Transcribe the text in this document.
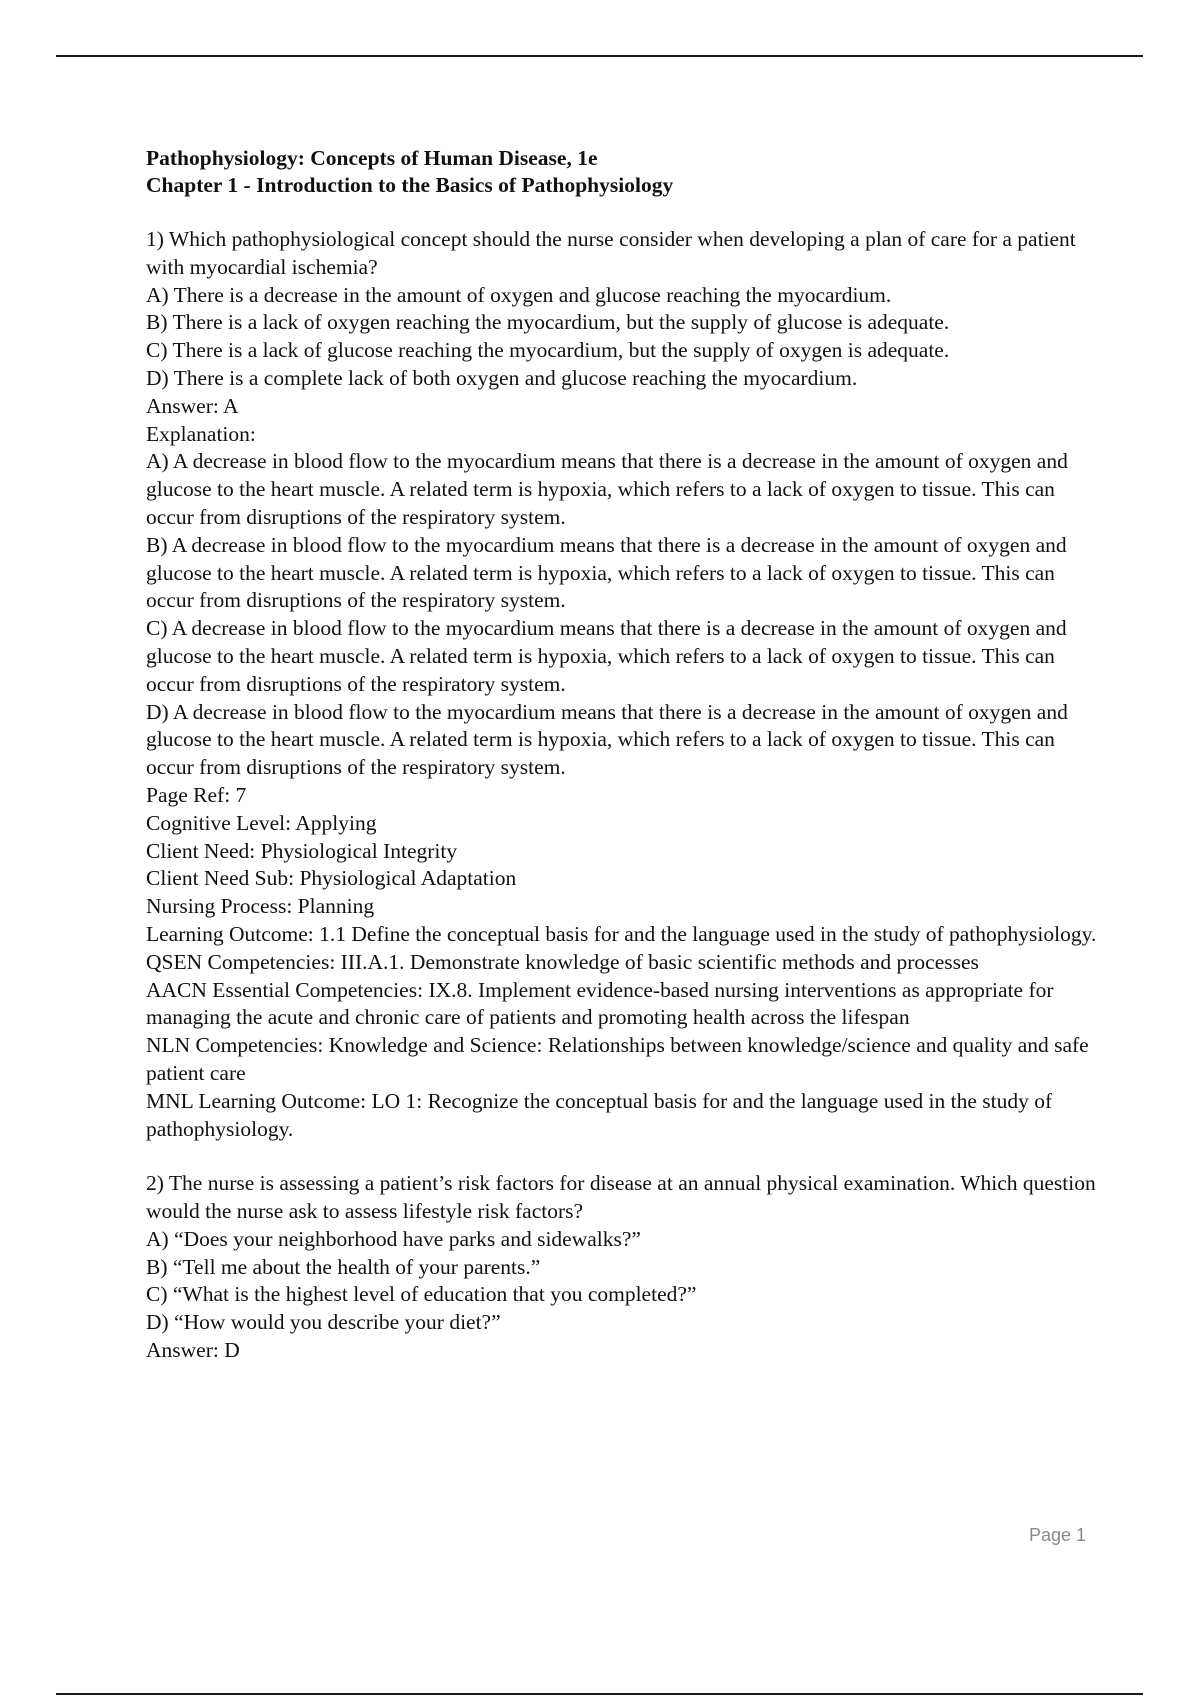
Pathophysiology: Concepts of Human Disease, 1e
Chapter 1 - Introduction to the Basics of Pathophysiology
1) Which pathophysiological concept should the nurse consider when developing a plan of care for a patient with myocardial ischemia?
A) There is a decrease in the amount of oxygen and glucose reaching the myocardium.
B) There is a lack of oxygen reaching the myocardium, but the supply of glucose is adequate.
C) There is a lack of glucose reaching the myocardium, but the supply of oxygen is adequate.
D) There is a complete lack of both oxygen and glucose reaching the myocardium.
Answer: A
Explanation:
A) A decrease in blood flow to the myocardium means that there is a decrease in the amount of oxygen and glucose to the heart muscle. A related term is hypoxia, which refers to a lack of oxygen to tissue. This can occur from disruptions of the respiratory system.
B) A decrease in blood flow to the myocardium means that there is a decrease in the amount of oxygen and glucose to the heart muscle. A related term is hypoxia, which refers to a lack of oxygen to tissue. This can occur from disruptions of the respiratory system.
C) A decrease in blood flow to the myocardium means that there is a decrease in the amount of oxygen and glucose to the heart muscle. A related term is hypoxia, which refers to a lack of oxygen to tissue. This can occur from disruptions of the respiratory system.
D) A decrease in blood flow to the myocardium means that there is a decrease in the amount of oxygen and glucose to the heart muscle. A related term is hypoxia, which refers to a lack of oxygen to tissue. This can occur from disruptions of the respiratory system.
Page Ref: 7
Cognitive Level: Applying
Client Need: Physiological Integrity
Client Need Sub: Physiological Adaptation
Nursing Process: Planning
Learning Outcome: 1.1 Define the conceptual basis for and the language used in the study of pathophysiology.
QSEN Competencies: III.A.1. Demonstrate knowledge of basic scientific methods and processes
AACN Essential Competencies: IX.8. Implement evidence-based nursing interventions as appropriate for managing the acute and chronic care of patients and promoting health across the lifespan
NLN Competencies: Knowledge and Science: Relationships between knowledge/science and quality and safe patient care
MNL Learning Outcome: LO 1: Recognize the conceptual basis for and the language used in the study of pathophysiology.
2) The nurse is assessing a patient’s risk factors for disease at an annual physical examination. Which question would the nurse ask to assess lifestyle risk factors?
A) “Does your neighborhood have parks and sidewalks?”
B) “Tell me about the health of your parents.”
C) “What is the highest level of education that you completed?”
D) “How would you describe your diet?”
Answer: D
Page 1
